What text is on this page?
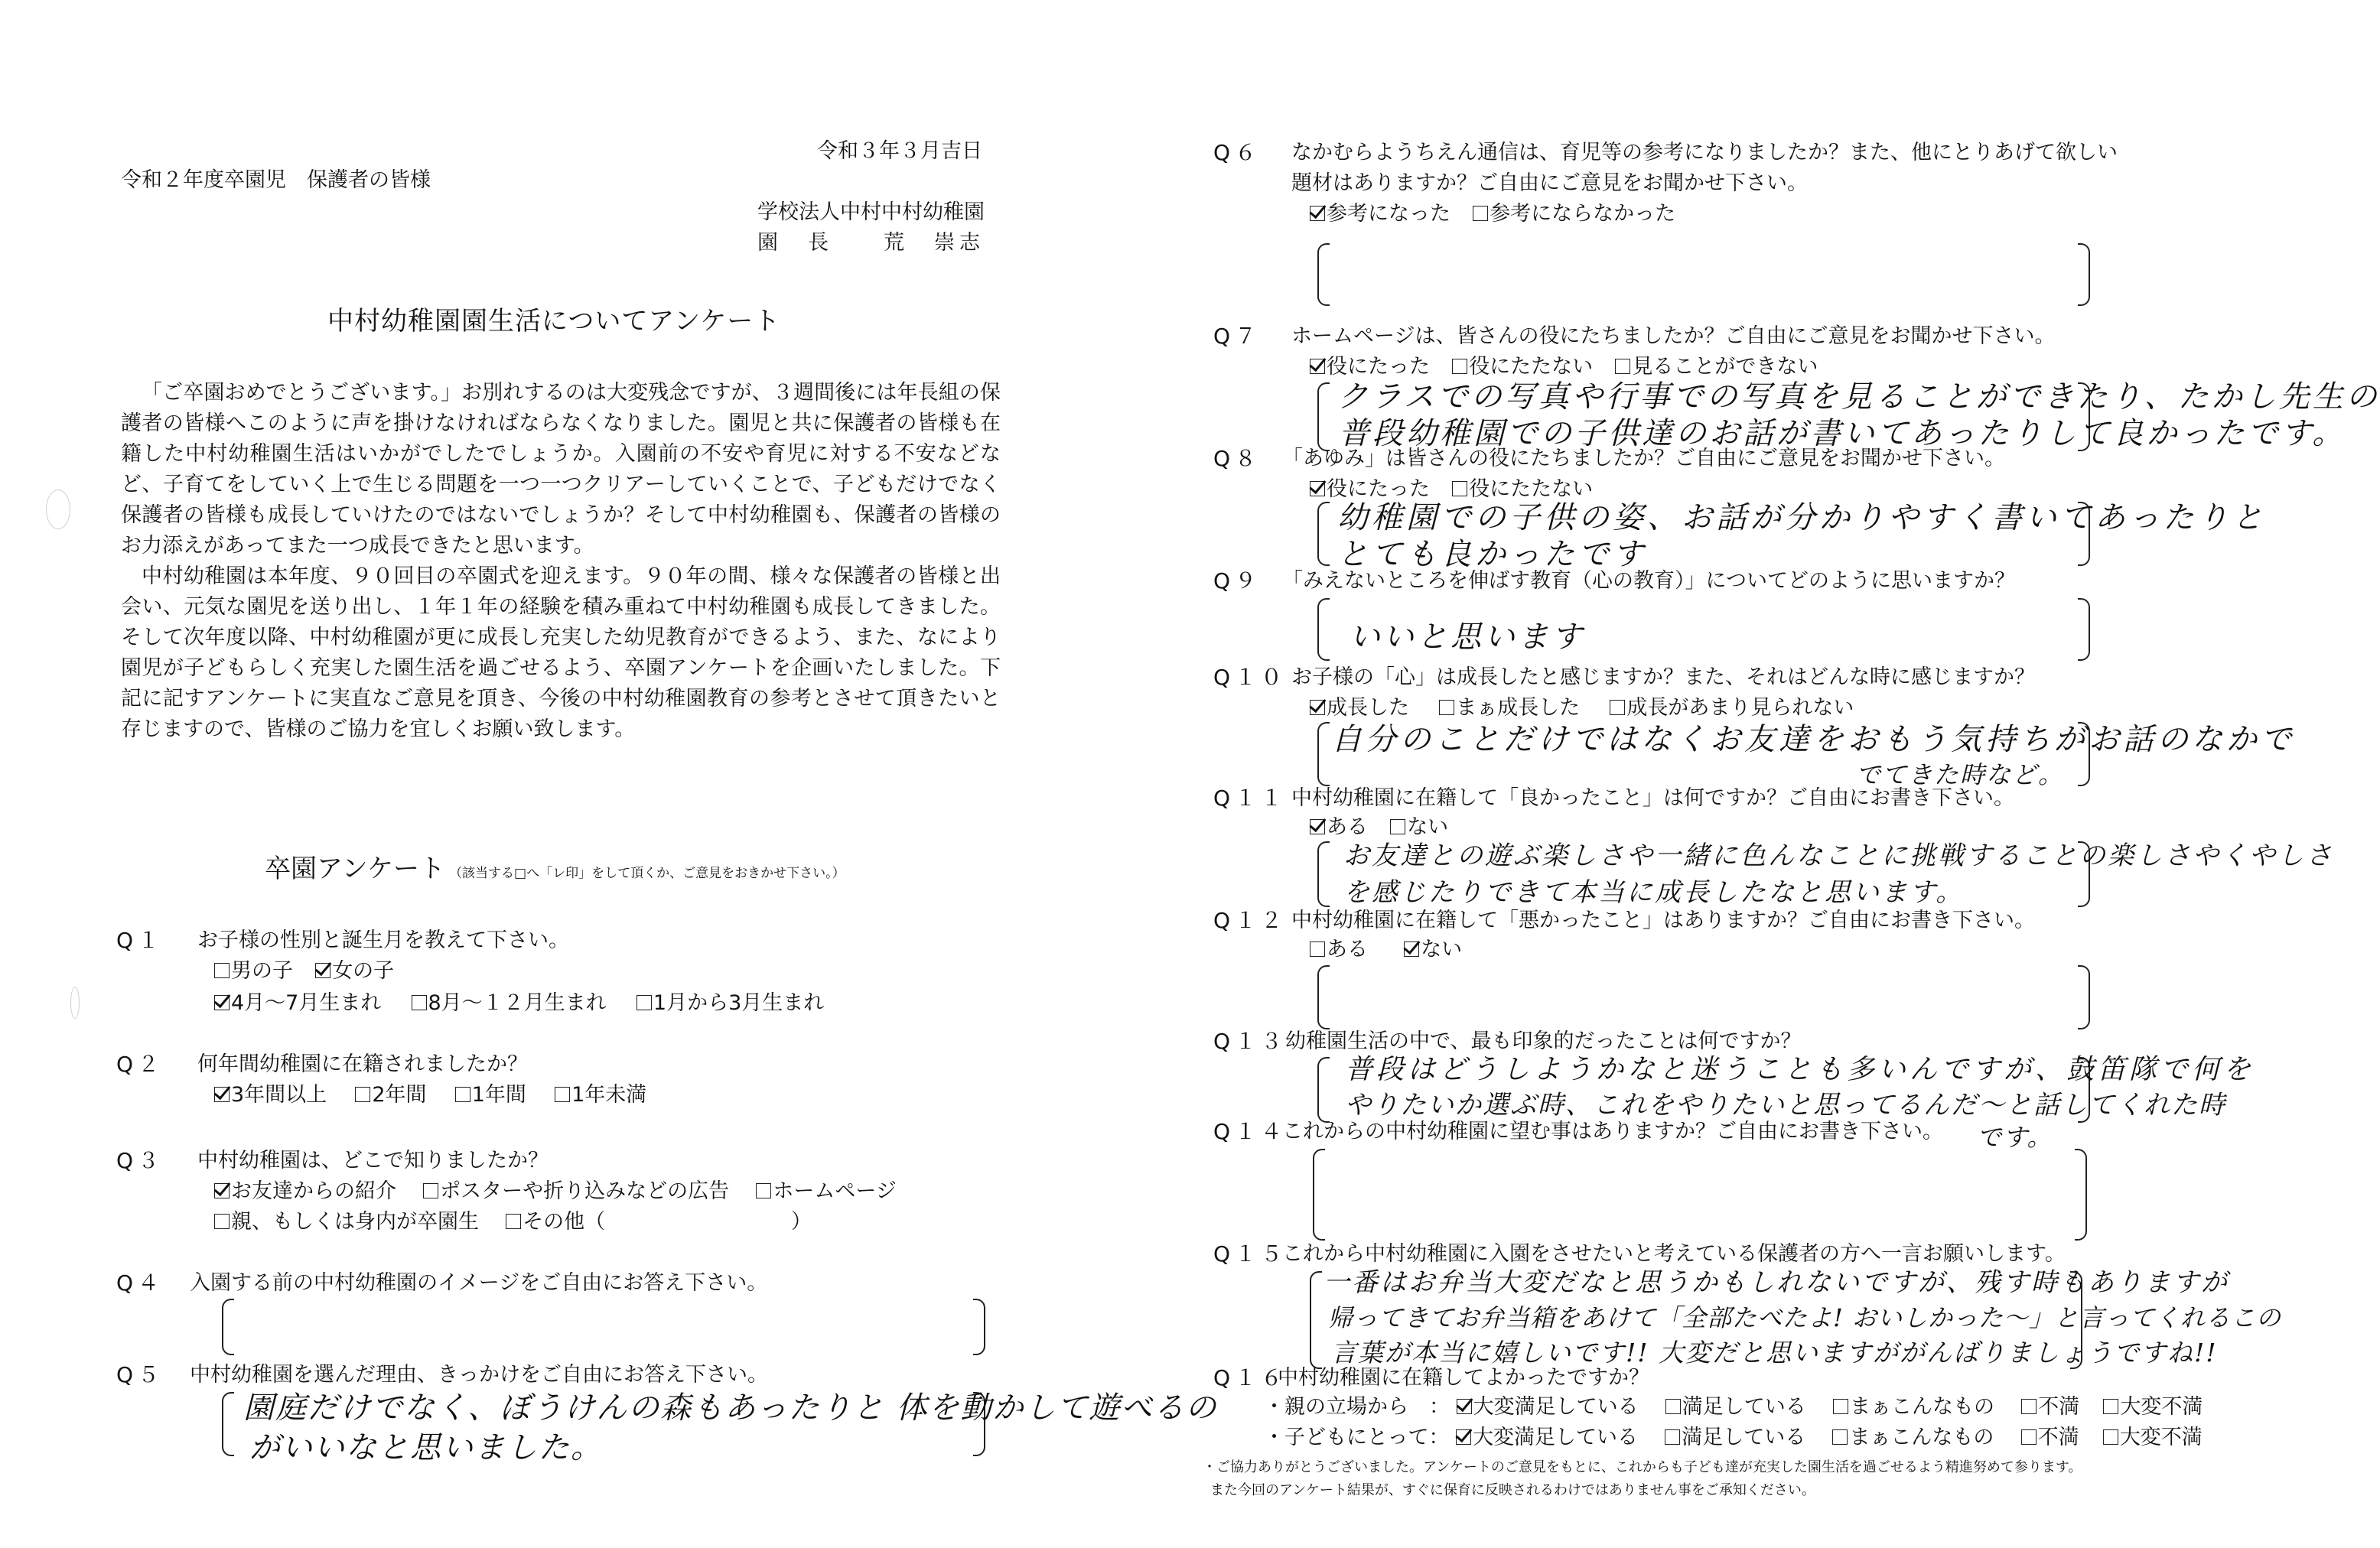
令和３年３月吉日
令和２年度卒園児　保護者の皆様
学校法人中村中村幼稚園
園　長　　荒　崇志
中村幼稚園園生活についてアンケート

「ご卒園おめでとうございます。」お別れするのは大変残念ですが、３週間後には年長組の保護者の皆様へこのように声を掛けなければならなくなりました。園児と共に保護者の皆様も在籍した中村幼稚園生活はいかがでしたでしょうか。入園前の不安や育児に対する不安などなど、子育てをしていく上で生じる問題を一つ一つクリアーしていくことで、子どもだけでなく保護者の皆様も成長していけたのではないでしょうか？そして中村幼稚園も、保護者の皆様のお力添えがあってまた一つ成長できたと思います。

中村幼稚園は本年度、９０回目の卒園式を迎えます。９０年の間、様々な保護者の皆様と出会い、元気な園児を送り出し、１年１年の経験を積み重ねて中村幼稚園も成長してきました。そして次年度以降、中村幼稚園が更に成長し充実した幼児教育ができるよう、また、なにより園児が子どもらしく充実した園生活を過ごせるよう、卒園アンケートを企画いたしました。下記に記すアンケートに実直なご意見を頂き、今後の中村幼稚園教育の参考とさせて頂きたいと存じますので、皆様のご協力を宜しくお願い致します。

卒園アンケート （該当する□へ「レ印」をして頂くか、ご意見をおきかせ下さい。）
Q１ お子様の性別と誕生月を教えて下さい。
男の子 女の子
4月〜7月生まれ 8月〜１２月生まれ 1月から3月生まれ
Q２ 何年間幼稚園に在籍されましたか？
3年間以上 2年間 1年間 1年未満
Q３ 中村幼稚園は、どこで知りましたか？
お友達からの紹介 ポスターや折り込みなどの広告 ホームページ
親、もしくは身内が卒園生 その他（	）
Q４ 入園する前の中村幼稚園のイメージをご自由にお答え下さい。
Q５ 中村幼稚園を選んだ理由、きっかけをご自由にお答え下さい。
園庭だけでなく、ぼうけんの森もあったりと 体を動かして遊べるの
がいいなと思いました。
Q６ なかむらようちえん通信は、育児等の参考になりましたか？また、他にとりあげて欲しい
題材はありますか？ご自由にご意見をお聞かせ下さい。
参考になった 参考にならなかった
Q７ ホームページは、皆さんの役にたちましたか？ご自由にご意見をお聞かせ下さい。
役にたった 役にたたない 見ることができない
クラスでの写真や行事での写真を見ることができたり、たかし先生の
普段幼稚園での子供達のお話が書いてあったりして良かったです。
Q８ 「あゆみ」は皆さんの役にたちましたか？ご自由にご意見をお聞かせ下さい。
役にたった 役にたたない
幼稚園での子供の姿、お話が分かりやすく書いてあったりと
とても良かったです
Q９ 「みえないところを伸ばす教育（心の教育）」についてどのように思いますか？
いいと思います
Q１０ お子様の「心」は成長したと感じますか？また、それはどんな時に感じますか？
成長した まぁ成長した 成長があまり見られない
自分のことだけではなくお友達をおもう気持ちがお話のなかで
でてきた時など。
Q１１ 中村幼稚園に在籍して「良かったこと」は何ですか？ご自由にお書き下さい。
ある ない
お友達との遊ぶ楽しさや一緒に色んなことに挑戦することの楽しさやくやしさ
を感じたりできて本当に成長したなと思います。
Q１２ 中村幼稚園に在籍して「悪かったこと」はありますか？ご自由にお書き下さい。
ある	ない
Q１３
幼稚園生活の中で、最も印象的だったことは何ですか？
普段はどうしようかなと迷うことも多いんですが、鼓笛隊で何を
やりたいか選ぶ時、これをやりたいと思ってるんだ〜と話してくれた時
です。
Q１４
これからの中村幼稚園に望む事はありますか？ご自由にお書き下さい。
Q１５
これから中村幼稚園に入園をさせたいと考えている保護者の方へ一言お願いします。
一番はお弁当大変だなと思うかもしれないですが、残す時もありますが
帰ってきてお弁当箱をあけて「全部たべたよ! おいしかった〜」と言ってくれるこの
言葉が本当に嬉しいです!! 大変だと思いますががんばりましょうですね!!
Q１６
中村幼稚園に在籍してよかったですか？
・親の立場から　： 大変満足している 満足している まぁこんなもの 不満 大変不満
・子どもにとって： 大変満足している 満足している まぁこんなもの 不満 大変不満
・ご協力ありがとうございました。アンケートのご意見をもとに、これからも子ども達が充実した園生活を過ごせるよう精進努めて参ります。
また今回のアンケート結果が、すぐに保育に反映されるわけではありません事をご承知ください。
